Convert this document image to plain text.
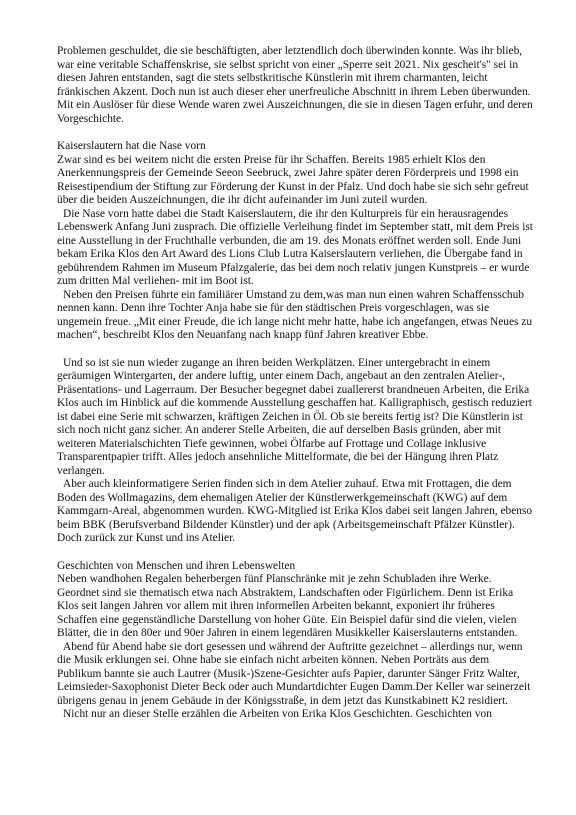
Problemen geschuldet, die sie beschäftigten, aber letztendlich doch überwinden konnte. Was ihr blieb, war eine veritable Schaffenskrise, sie selbst spricht von einer „Sperre seit 2021. Nix gescheit's" sei in diesen Jahren entstanden, sagt die stets selbstkritische Künstlerin mit ihrem charmanten, leicht fränkischen Akzent. Doch nun ist auch dieser eher unerfreuliche Abschnitt in ihrem Leben überwunden. Mit ein Auslöser für diese Wende waren zwei Auszeichnungen, die sie in diesen Tagen erfuhr, und deren Vorgeschichte.

Kaiserslautern hat die Nase vorn

Zwar sind es bei weitem nicht die ersten Preise für ihr Schaffen. Bereits 1985 erhielt Klos den Anerkennungspreis der Gemeinde Seeon Seebruck, zwei Jahre später deren Förderpreis und 1998 ein Reisestipendium der Stiftung zur Förderung der Kunst in der Pfalz. Und doch habe sie sich sehr gefreut über die beiden Auszeichnungen, die ihr dicht aufeinander im Juni zuteil wurden.

Die Nase vorn hatte dabei die Stadt Kaiserslautern, die ihr den Kulturpreis für ein herausragendes Lebenswerk Anfang Juni zusprach. Die offizielle Verleihung findet im September statt, mit dem Preis ist eine Ausstellung in der Fruchthalle verbunden, die am 19. des Monats eröffnet werden soll. Ende Juni bekam Erika Klos den Art Award des Lions Club Lutra Kaiserslautern verliehen, die Übergabe fand in gebührendem Rahmen im Museum Pfalzgalerie, das bei dem noch relativ jungen Kunstpreis – er wurde zum dritten Mal verliehen- mit im Boot ist.

Neben den Preisen führte ein familiärer Umstand zu dem,was man nun einen wahren Schaffensschub nennen kann. Denn ihre Tochter Anja habe sie für den städtischen Preis vorgeschlagen, was sie ungemein freue. „Mit einer Freude, die ich lange nicht mehr hatte, habe ich angefangen, etwas Neues zu machen“, beschreibt Klos den Neuanfang nach knapp fünf Jahren kreativer Ebbe.

Und so ist sie nun wieder zugange an ihren beiden Werkplätzen. Einer untergebracht in einem geräumigen Wintergarten, der andere luftig, unter einem Dach, angebaut an den zentralen Atelier-, Präsentations- und Lagerraum. Der Besucher begegnet dabei zuallererst brandneuen Arbeiten, die Erika Klos auch im Hinblick auf die kommende Ausstellung geschaffen hat. Kalligraphisch, gestisch reduziert ist dabei eine Serie mit schwarzen, kräftigen Zeichen in Öl. Ob sie bereits fertig ist? Die Künstlerin ist sich noch nicht ganz sicher. An anderer Stelle Arbeiten, die auf derselben Basis gründen, aber mit weiteren Materialschichten Tiefe gewinnen, wobei Ölfarbe auf Frottage und Collage inklusive Transparentpapier trifft. Alles jedoch ansehnliche Mittelformate, die bei der Hängung ihren Platz verlangen.

Aber auch kleinformatigere Serien finden sich in dem Atelier zuhauf. Etwa mit Frottagen, die dem Boden des Wollmagazins, dem ehemaligen Atelier der Künstlerwerkgemeinschaft (KWG) auf dem Kammgarn-Areal, abgenommen wurden. KWG-Mitglied ist Erika Klos dabei seit langen Jahren, ebenso beim BBK (Berufsverband Bildender Künstler) und der apk (Arbeitsgemeinschaft Pfälzer Künstler). Doch zurück zur Kunst und ins Atelier.

Geschichten von Menschen und ihren Lebenswelten

Neben wandhohen Regalen beherbergen fünf Planschränke mit je zehn Schubladen ihre Werke. Geordnet sind sie thematisch etwa nach Abstraktem, Landschaften oder Figürlichem. Denn ist Erika Klos seit langen Jahren vor allem mit ihren informellen Arbeiten bekannt, exponiert ihr früheres Schaffen eine gegenständliche Darstellung von hoher Güte. Ein Beispiel dafür sind die vielen, vielen Blätter, die in den 80er und 90er Jahren in einem legendären Musikkeller Kaiserslauterns entstanden.

Abend für Abend habe sie dort gesessen und während der Auftritte gezeichnet – allerdings nur, wenn die Musik erklungen sei. Ohne habe sie einfach nicht arbeiten können. Neben Porträts aus dem Publikum bannte sie auch Lautrer (Musik-)Szene-Gesichter aufs Papier, darunter Sänger Fritz Walter, Leimsieder-Saxophonist Dieter Beck oder auch Mundartdichter Eugen Damm.Der Keller war seinerzeit übrigens genau in jenem Gebäude in der Königsstraße, in dem jetzt das Kunstkabinett K2 residiert.

Nicht nur an dieser Stelle erzählen die Arbeiten von Erika Klos Geschichten. Geschichten von
